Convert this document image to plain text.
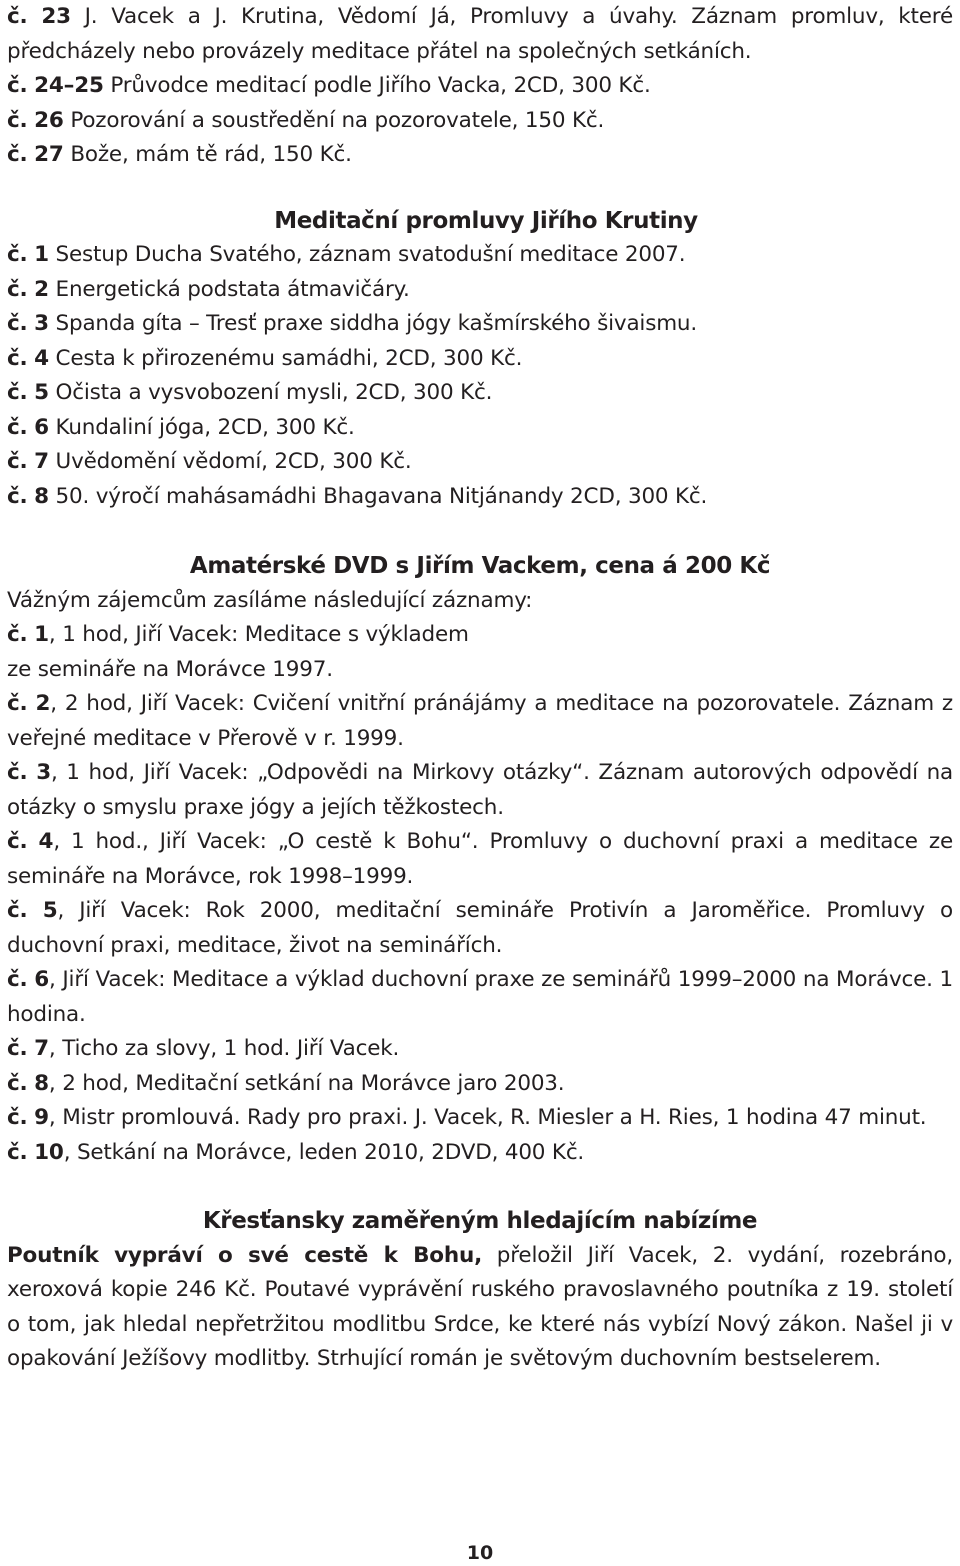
č. 23 J. Vacek a J. Krutina, Vědomí Já, Promluvy a úvahy. Záznam promluv, které předcházely nebo provázely meditace přátel na společných setkáních.

č. 24–25 Průvodce meditací podle Jiřího Vacka, 2CD, 300 Kč.

č. 26 Pozorování a soustředění na pozorovatele, 150 Kč.

č. 27 Bože, mám tě rád, 150 Kč.

Meditační promluvy Jiřího Krutiny

č. 1 Sestup Ducha Svatého, záznam svatodušní meditace 2007.

č. 2 Energetická podstata átmavičáry.

č. 3 Spanda gíta – Tresť praxe siddha jógy kašmírského šivaismu.

č. 4 Cesta k přirozenému samádhi, 2CD, 300 Kč.

č. 5 Očista a vysvobození mysli, 2CD, 300 Kč.

č. 6 Kundaliní jóga, 2CD, 300 Kč.

č. 7 Uvědomění vědomí, 2CD, 300 Kč.

č. 8 50. výročí mahásamádhi Bhagavana Nitjánandy 2CD, 300 Kč.

Amatérské DVD s Jiřím Vackem, cena á 200 Kč

Vážným zájemcům zasíláme následující záznamy:

č. 1, 1 hod, Jiří Vacek: Meditace s výkladem
ze semináře na Morávce 1997.

č. 2, 2 hod, Jiří Vacek: Cvičení vnitřní pránájámy a meditace na pozorovatele. Záznam z veřejné meditace v Přerově v r. 1999.

č. 3, 1 hod, Jiří Vacek: „Odpovědi na Mirkovy otázky“. Záznam autorových odpovědí na otázky o smyslu praxe jógy a jejích těžkostech.

č. 4, 1 hod., Jiří Vacek: „O cestě k Bohu“. Promluvy o duchovní praxi a meditace ze semináře na Morávce, rok 1998–1999.

č. 5, Jiří Vacek: Rok 2000, meditační semináře Protivín a Jaroměřice. Promluvy o duchovní praxi, meditace, život na seminářích.

č. 6, Jiří Vacek: Meditace a výklad duchovní praxe ze seminářů 1999–2000 na Morávce. 1 hodina.

č. 7, Ticho za slovy, 1 hod. Jiří Vacek.

č. 8, 2 hod, Meditační setkání na Morávce jaro 2003.

č. 9, Mistr promlouvá. Rady pro praxi. J. Vacek, R. Miesler a H. Ries, 1 hodina 47 minut.

č. 10, Setkání na Morávce, leden 2010, 2DVD, 400 Kč.

Křesťansky zaměřeným hledajícím nabízíme

Poutník vypráví o své cestě k Bohu, přeložil Jiří Vacek, 2. vydání, rozebráno, xeroxová kopie 246 Kč. Poutavé vyprávění ruského pravoslavného poutníka z 19. století o tom, jak hledal nepřetržitou modlitbu Srdce, ke které nás vybízí Nový zákon. Našel ji v opakování Ježíšovy modlitby. Strhující román je světovým duchovním bestselerem.

10
